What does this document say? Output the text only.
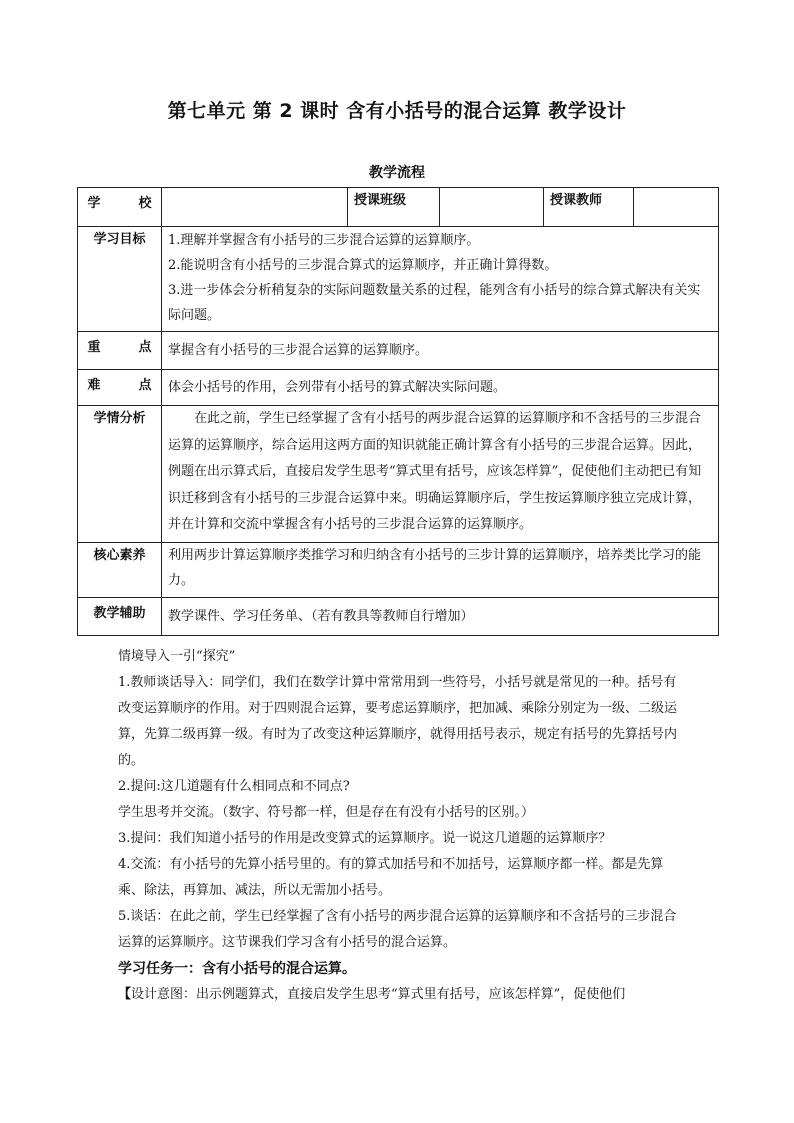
第七单元 第 2 课时 含有小括号的混合运算 教学设计
教学流程
学 校		授课班级		授课教师	
学习目标	1.理解并掌握含有小括号的三步混合运算的运算顺序。
2.能说明含有小括号的三步混合算式的运算顺序，并正确计算得数。
3.进一步体会分析稍复杂的实际问题数量关系的过程，能列含有小括号的综合算式解决有关实际问题。				

重 点	掌握含有小括号的三步混合运算的运算顺序。				
难 点	体会小括号的作用，会列带有小括号的算式解决实际问题。				
学情分析	在此之前，学生已经掌握了含有小括号的两步混合运算的运算顺序和不含括号的三步混合运算的运算顺序，综合运用这两方面的知识就能正确计算含有小括号的三步混合运算。因此，例题在出示算式后，直接启发学生思考“算式里有括号，应该怎样算”，促使他们主动把已有知识迁移到含有小括号的三步混合运算中来。明确运算顺序后，学生按运算顺序独立完成计算，并在计算和交流中掌握含有小括号的三步混合运算的运算顺序。				
核心素养	利用两步计算运算顺序类推学习和归纳含有小括号的三步计算的运算顺序，培养类比学习的能力。				
教学辅助	教学课件、学习任务单、（若有教具等教师自行增加）				

情境导入一引“探究”

1.教师谈话导入：同学们，我们在数学计算中常常用到一些符号，小括号就是常见的一种。括号有改变运算顺序的作用。对于四则混合运算，要考虑运算顺序，把加减、乘除分别定为一级、二级运算，先算二级再算一级。有时为了改变这种运算顺序，就得用括号表示，规定有括号的先算括号内的。

2.提问:这几道题有什么相同点和不同点?

学生思考并交流。（数字、符号都一样，但是存在有没有小括号的区别。）

3.提问：我们知道小括号的作用是改变算式的运算顺序。说一说这几道题的运算顺序？

4.交流：有小括号的先算小括号里的。有的算式加括号和不加括号，运算顺序都一样。都是先算乘、除法，再算加、减法，所以无需加小括号。

5.谈话：在此之前，学生已经掌握了含有小括号的两步混合运算的运算顺序和不含括号的三步混合运算的运算顺序。这节课我们学习含有小括号的混合运算。

学习任务一：含有小括号的混合运算。

【设计意图：出示例题算式，直接启发学生思考“算式里有括号，应该怎样算”，促使他们
